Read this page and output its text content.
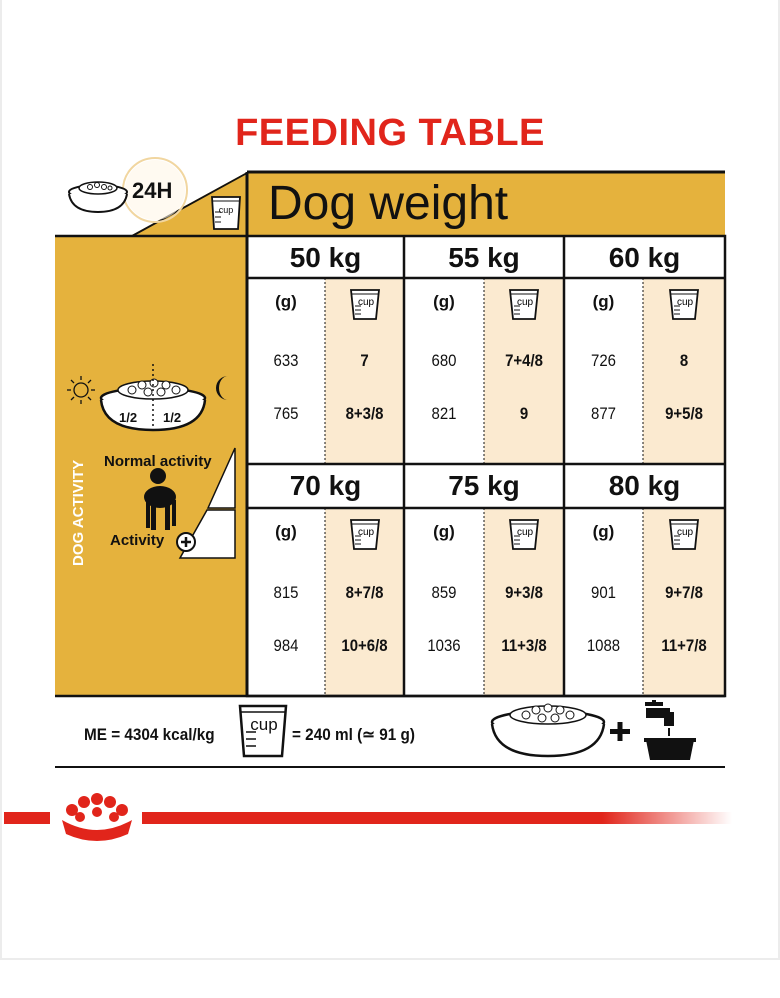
FEEDING TABLE
cup
24H Dog weight
50 kg
(g)	cup
633	7
765	8+3/8
55 kg
(g)	cup
680	7+4/8
821	9
60 kg
(g)	cup
726	8
877	9+5/8
70 kg
(g)	cup
815	8+7/8
984	10+6/8
75 kg
(g)	cup
859	9+3/8
1036	11+3/8
80 kg
(g)	cup
901	9+7/8
1088	11+7/8
1/2 1/2
Normal activity
Activity
DOG ACTIVITY
ME = 4304 kcal/kg
cup
= 240 ml (≃ 91 g)
